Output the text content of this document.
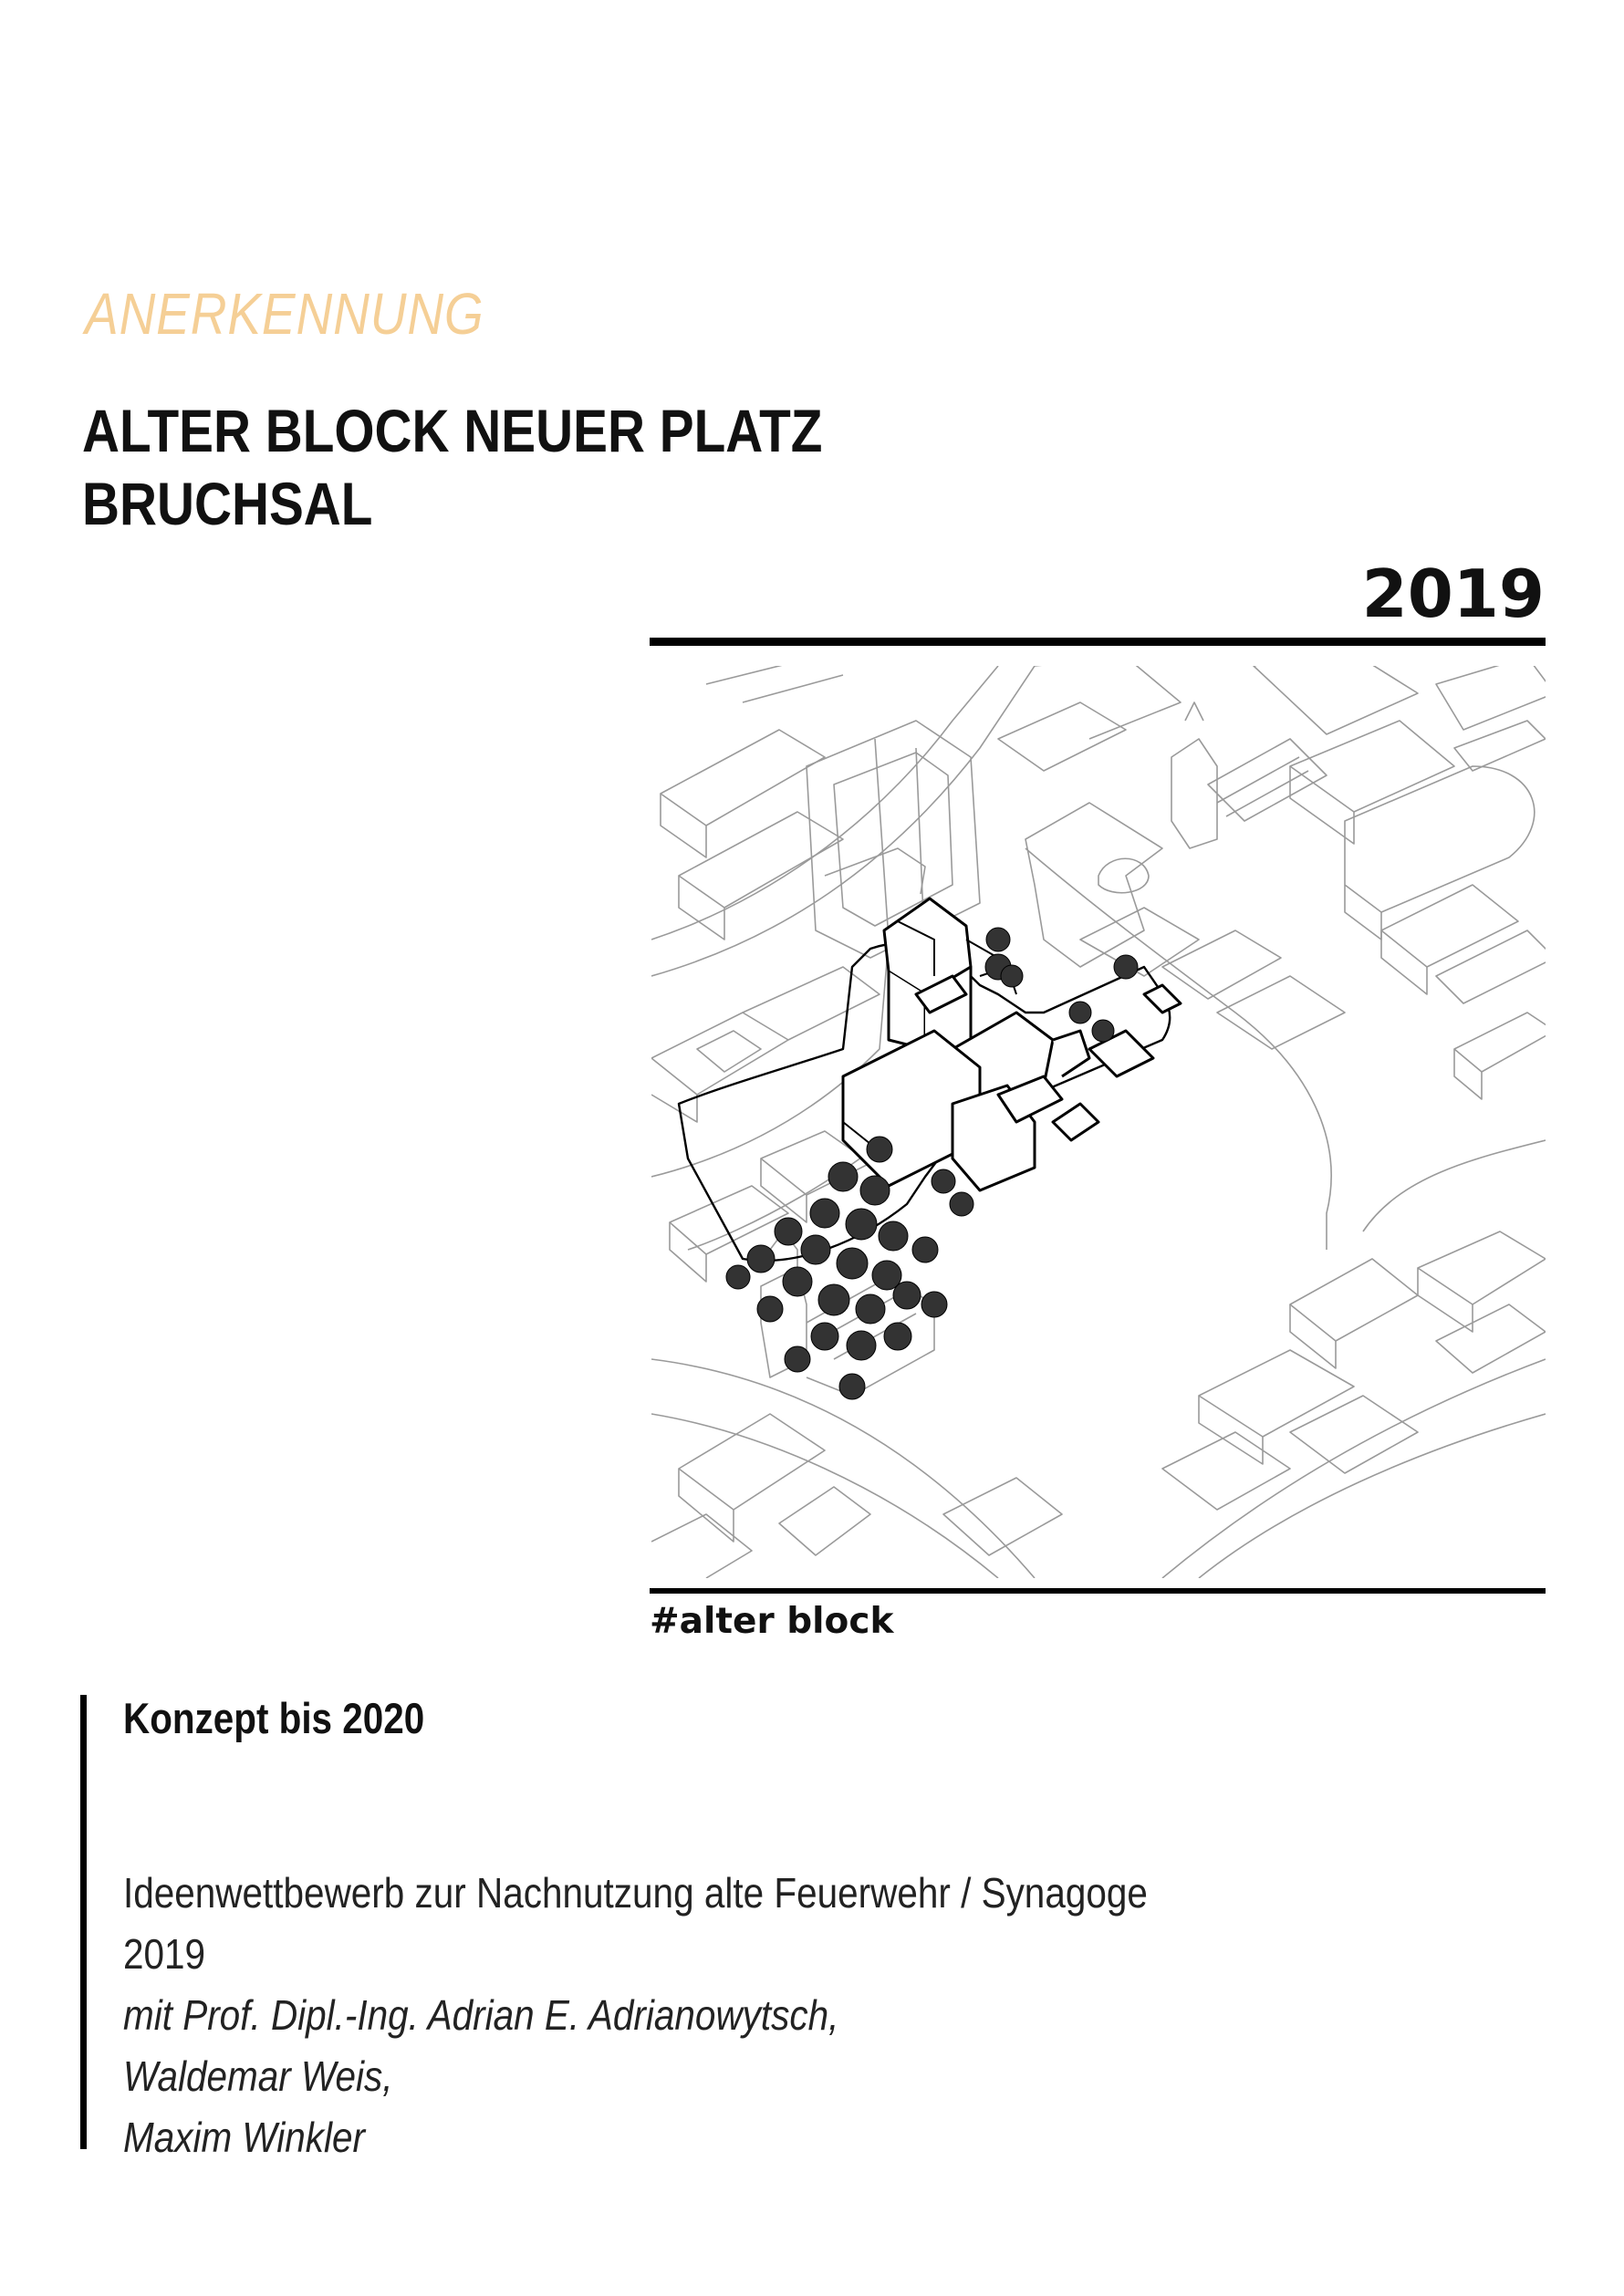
ANERKENNUNG
ALTER BLOCK NEUER PLATZ
BRUCHSAL
2019
#alter block
Konzept bis 2020
Ideenwettbewerb zur Nachnutzung alte Feuerwehr / Synagoge
2019
mit Prof. Dipl.-Ing. Adrian E. Adrianowytsch,
Waldemar Weis,
Maxim Winkler
